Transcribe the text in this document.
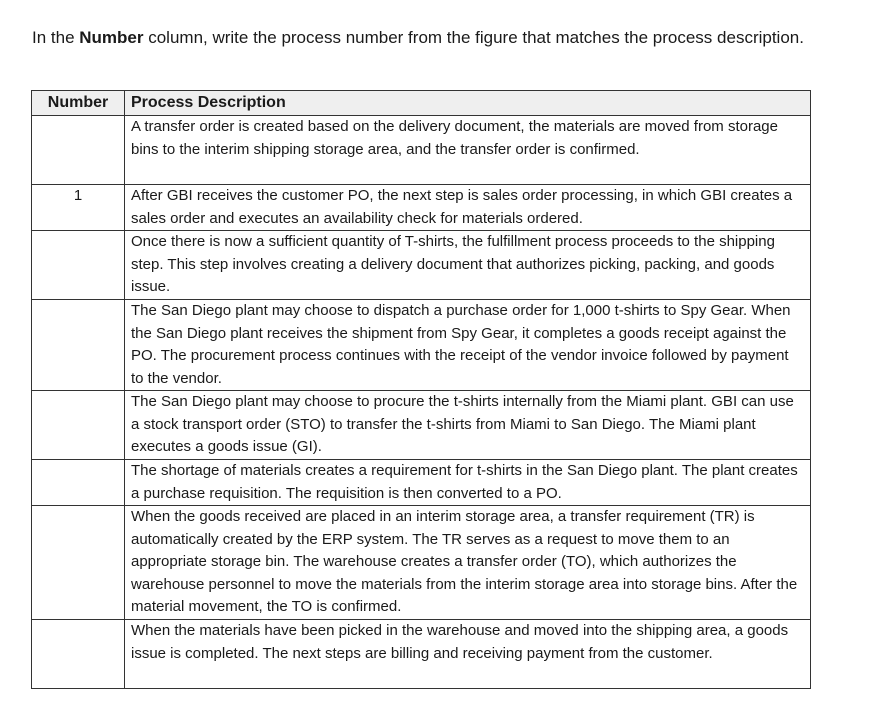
In the Number column, write the process number from the figure that matches the process description.

Number	Process Description
	A transfer order is created based on the delivery document, the materials are moved from storage bins to the interim shipping storage area, and the transfer order is confirmed.
1	After GBI receives the customer PO, the next step is sales order processing, in which GBI creates a sales order and executes an availability check for materials ordered.
	Once there is now a sufficient quantity of T-shirts, the fulfillment process proceeds to the shipping step. This step involves creating a delivery document that authorizes picking, packing, and goods issue.
	The San Diego plant may choose to dispatch a purchase order for 1,000 t-shirts to Spy Gear. When the San Diego plant receives the shipment from Spy Gear, it completes a goods receipt against the PO. The procurement process continues with the receipt of the vendor invoice followed by payment to the vendor.
	The San Diego plant may choose to procure the t-shirts internally from the Miami plant. GBI can use a stock transport order (STO) to transfer the t-shirts from Miami to San Diego. The Miami plant executes a goods issue (GI).
	The shortage of materials creates a requirement for t-shirts in the San Diego plant. The plant creates a purchase requisition. The requisition is then converted to a PO.
	When the goods received are placed in an interim storage area, a transfer requirement (TR) is automatically created by the ERP system. The TR serves as a request to move them to an appropriate storage bin. The warehouse creates a transfer order (TO), which authorizes the warehouse personnel to move the materials from the interim storage area into storage bins. After the material movement, the TO is confirmed.
	When the materials have been picked in the warehouse and moved into the shipping area, a goods issue is completed. The next steps are billing and receiving payment from the customer.
